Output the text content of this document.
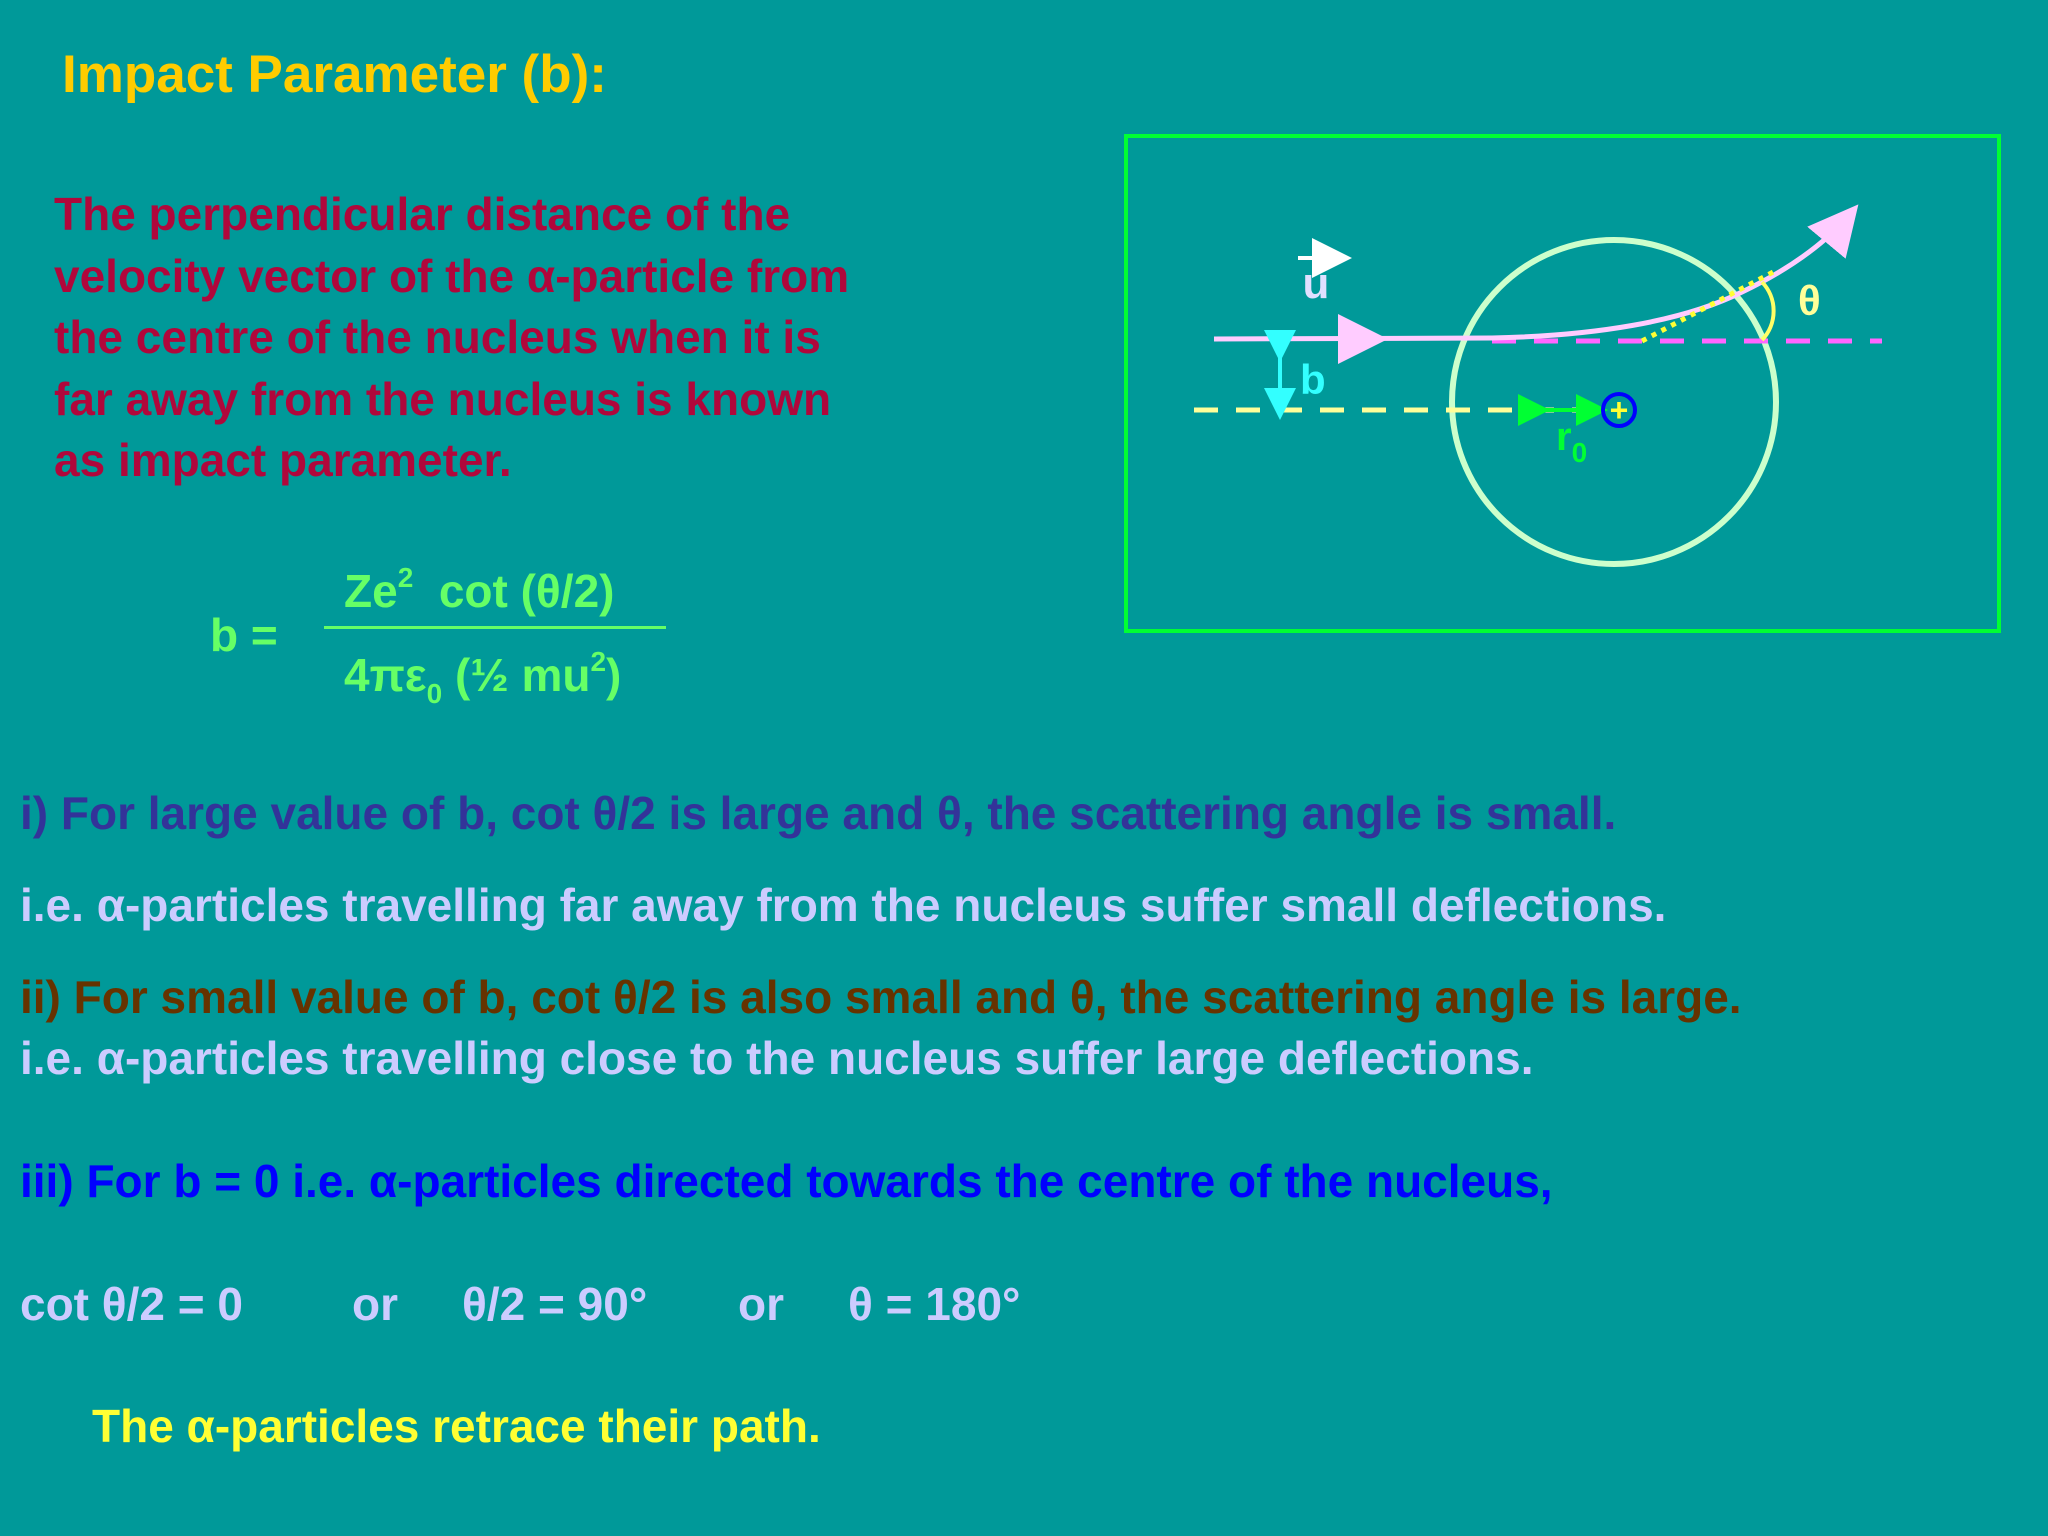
Impact Parameter (b):
The perpendicular distance of the
velocity vector of the α-particle from
the centre of the nucleus when it is
far away from the nucleus is known
as impact parameter.
b =
$Ze^2$  cot (θ/2)
$4\pi\varepsilon_0$ (½ $mu^2$)
i) For large value of b, cot θ/2 is large and θ, the scattering angle is small.
i.e. α-particles travelling far away from the nucleus suffer small deflections.
ii) For small value of b, cot θ/2 is also small and θ, the scattering angle is large.
i.e. α-particles travelling close to the nucleus suffer large deflections.
iii) For b = 0 i.e. α-particles directed towards the centre of the nucleus,
cot θ/2 = 0 or θ/2 = 90° or θ = 180°
The α-particles retrace their path.
+
u
b
θ
$r_0$
